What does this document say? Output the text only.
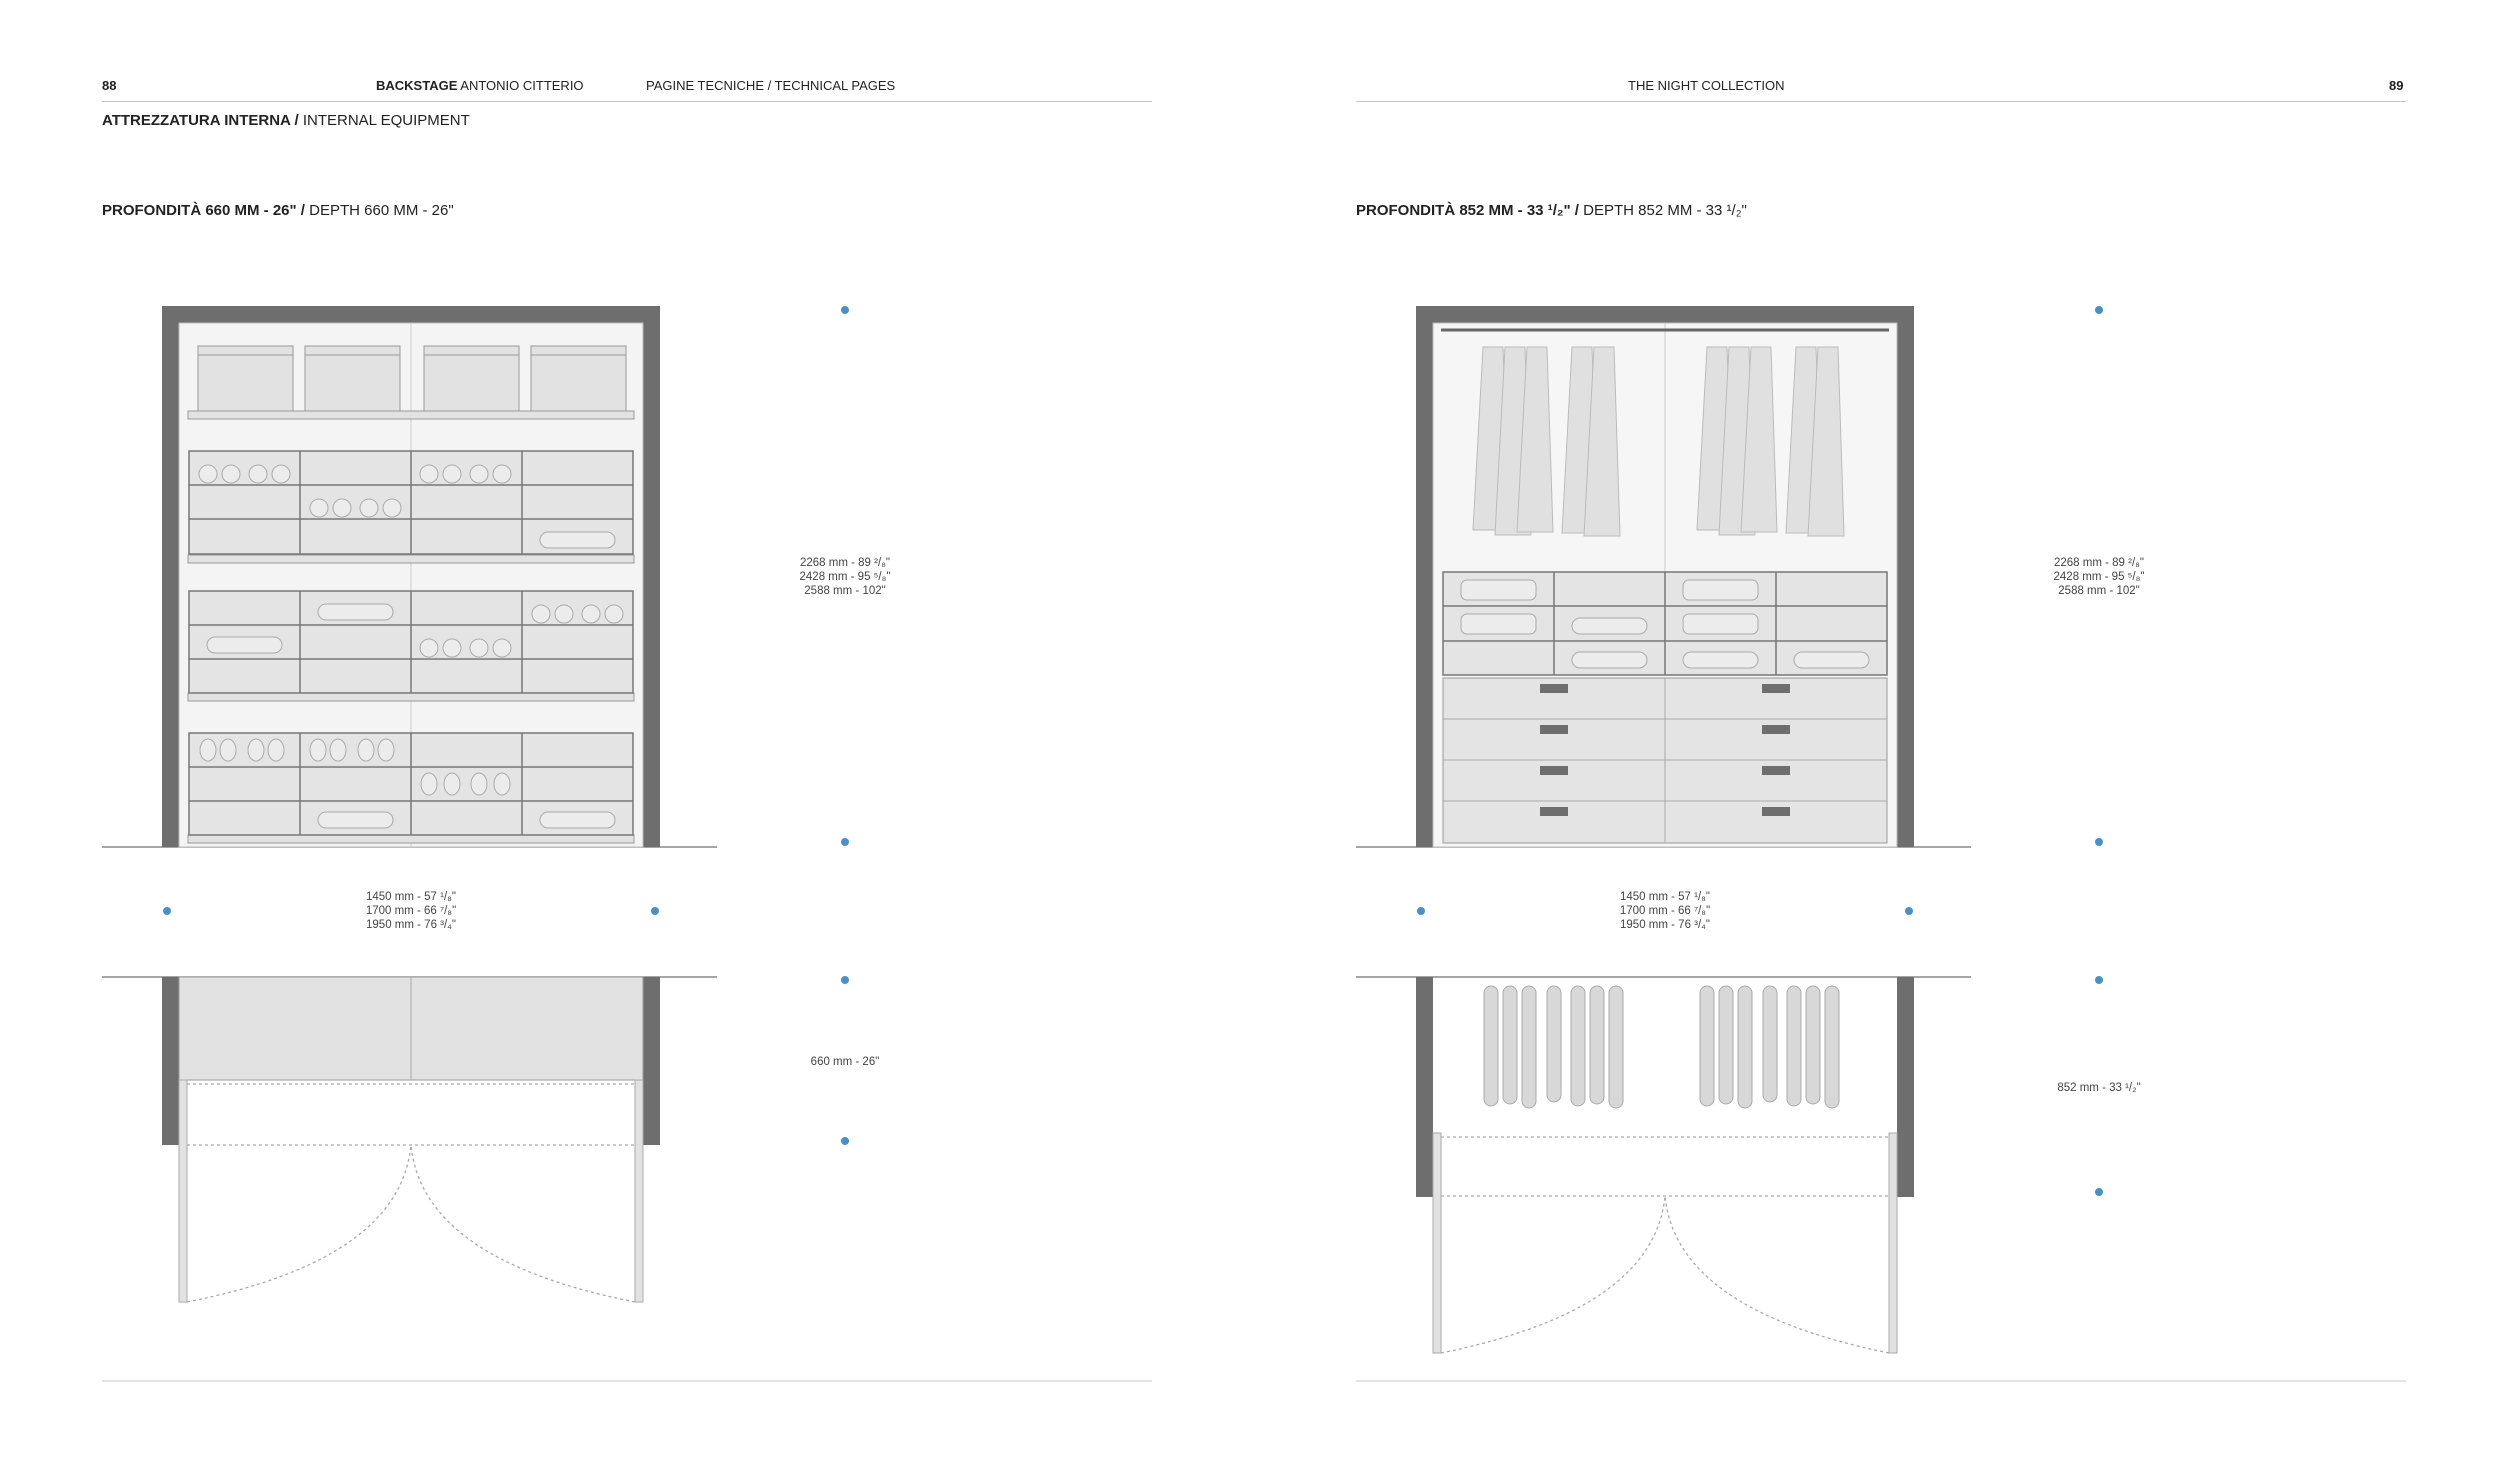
88	BACKSTAGE ANTONIO CITTERIO	PAGINE TECNICHE / TECHNICAL PAGES
ATTREZZATURA INTERNA / INTERNAL EQUIPMENT
PROFONDITÀ 660 MM - 26" / DEPTH 660 MM - 26"
THE NIGHT COLLECTION	89
PROFONDITÀ 852 MM - 33 ¹/₂" / DEPTH 852 MM - 33 ¹/₂"
2268 mm - 89 ²/₈"
2428 mm - 95 ⁵/₈"
2588 mm - 102"
1450 mm - 57 ¹/₈"
1700 mm - 66 ⁷/₈"
1950 mm - 76 ³/₄"
660 mm - 26"
2268 mm - 89 ²/₈"
2428 mm - 95 ⁵/₈"
2588 mm - 102"
1450 mm - 57 ¹/₈"
1700 mm - 66 ⁷/₈"
1950 mm - 76 ³/₄"
852 mm - 33 ¹/₂"
